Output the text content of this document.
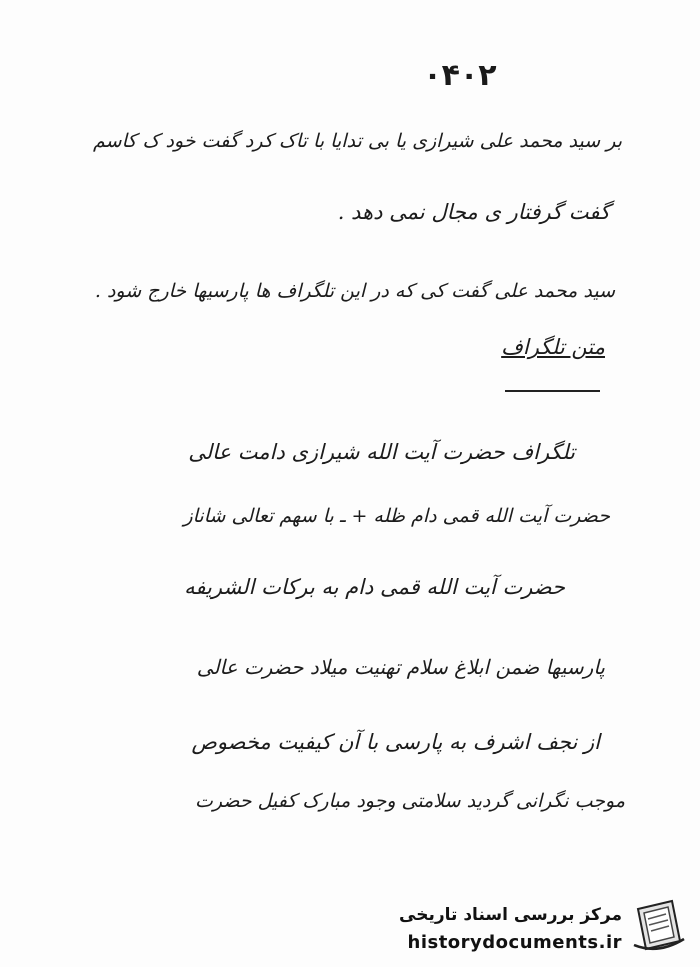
۰۴۰۲
بر سید محمد علی شیرازی یا بی تدایا با تاک کرد گفت خود ک کاسم
گفت گرفتار ی مجال نمی دهد .
سید محمد علی گفت کی که در این تلگراف ها پارسیها خارج شود .
متن تلگراف
تلگراف حضرت آیت الله شیرازی دامت عالی
حضرت آیت الله قمی دام ظله + ـ با سهم تعالی شاناز
حضرت آیت الله قمی دام به برکات الشریفه
پارسیها ضمن ابلاغ سلام تهنیت میلاد حضرت عالی
از نجف اشرف به پارسی با آن کیفیت مخصوص
موجب نگرانی گردید سلامتی وجود مبارک کفیل حضرت
مرکز بررسی اسناد تاریخی
historydocuments.ir
